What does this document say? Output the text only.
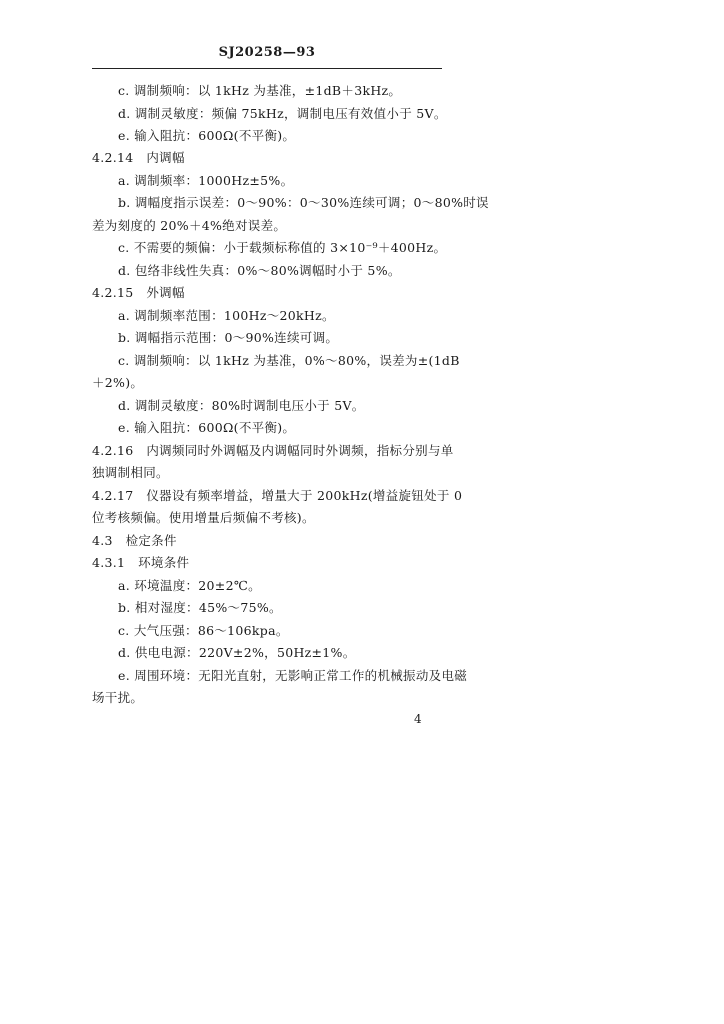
SJ20258—93
c. 调制频响：以 1kHz 为基准，±1dB＋3kHz。
d. 调制灵敏度：频偏 75kHz，调制电压有效值小于 5V。
e. 输入阻抗：600Ω(不平衡)。
4.2.14　内调幅
a. 调制频率：1000Hz±5%。
b. 调幅度指示误差：0～90%：0～30%连续可调；0～80%时误
差为刻度的 20%＋4%绝对误差。
c. 不需要的频偏：小于载频标称值的 3×10⁻⁹＋400Hz。
d. 包络非线性失真：0%～80%调幅时小于 5%。
4.2.15　外调幅
a. 调制频率范围：100Hz～20kHz。
b. 调幅指示范围：0～90%连续可调。
c. 调制频响：以 1kHz 为基准，0%～80%，误差为±(1dB
＋2%)。
d. 调制灵敏度：80%时调制电压小于 5V。
e. 输入阻抗：600Ω(不平衡)。
4.2.16　内调频同时外调幅及内调幅同时外调频，指标分别与单
独调制相同。
4.2.17　仪器设有频率增益，增量大于 200kHz(增益旋钮处于 0
位考核频偏。使用增量后频偏不考核)。
4.3　检定条件
4.3.1　环境条件
a. 环境温度：20±2℃。
b. 相对湿度：45%～75%。
c. 大气压强：86～106kpa。
d. 供电电源：220V±2%，50Hz±1%。
e. 周围环境：无阳光直射，无影响正常工作的机械振动及电磁
场干扰。
4
